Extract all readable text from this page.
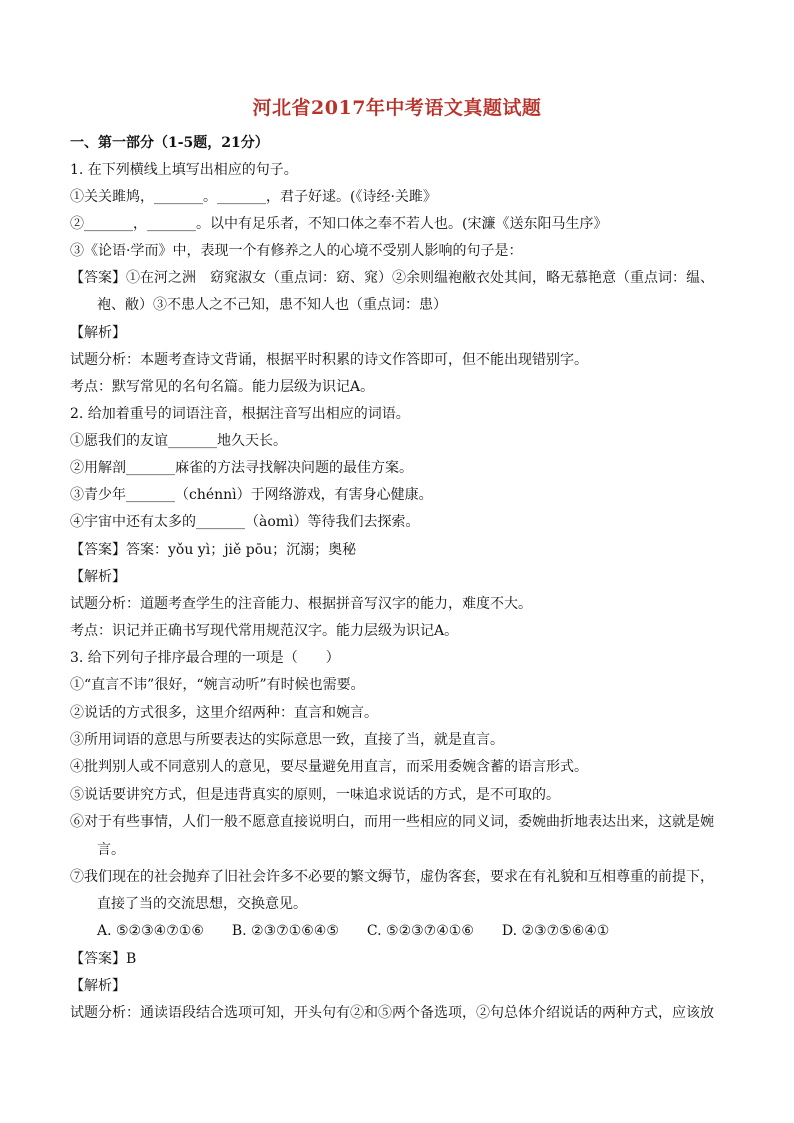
河北省2017年中考语文真题试题
一、第一部分（1-5题，21分）
1. 在下列横线上填写出相应的句子。
①关关雎鸠，_______。_______，君子好逑。(《诗经·关雎》
②_______，_______。以中有足乐者，不知口体之奉不若人也。(宋濂《送东阳马生序》
③《论语·学而》中，表现一个有修养之人的心境不受别人影响的句子是：
【答案】①在河之洲　窈窕淑女（重点词：窈、窕）②余则缊袍敝衣处其间，略无慕艳意（重点词：缊、
袍、敝）③不患人之不己知，患不知人也（重点词：患）
【解析】
试题分析：本题考查诗文背诵，根据平时积累的诗文作答即可，但不能出现错别字。
考点：默写常见的名句名篇。能力层级为识记A。
2. 给加着重号的词语注音，根据注音写出相应的词语。
①愿我们的友谊_______地久天长。
②用解剖_______麻雀的方法寻找解决问题的最佳方案。
③青少年_______（chénnì）于网络游戏，有害身心健康。
④宇宙中还有太多的_______（àomì）等待我们去探索。
【答案】答案：yǒu yì；jiě pōu；沉溺；奥秘
【解析】
试题分析：道题考查学生的注音能力、根据拼音写汉字的能力，难度不大。
考点：识记并正确书写现代常用规范汉字。能力层级为识记A。
3. 给下列句子排序最合理的一项是（　　）
①“直言不讳”很好，“婉言动听”有时候也需要。
②说话的方式很多，这里介绍两种：直言和婉言。
③所用词语的意思与所要表达的实际意思一致，直接了当，就是直言。
④批判别人或不同意别人的意见，要尽量避免用直言，而采用委婉含蓄的语言形式。
⑤说话要讲究方式，但是违背真实的原则，一味追求说话的方式，是不可取的。
⑥对于有些事情，人们一般不愿意直接说明白，而用一些相应的同义词，委婉曲折地表达出来，这就是婉
言。
⑦我们现在的社会抛弃了旧社会许多不必要的繁文缛节，虚伪客套，要求在有礼貌和互相尊重的前提下，
直接了当的交流思想，交换意见。
A. ⑤②③④⑦①⑥　　B. ②③⑦①⑥④⑤　　C. ⑤②③⑦④①⑥　　D. ②③⑦⑤⑥④①
【答案】B
【解析】
试题分析：通读语段结合选项可知，开头句有②和⑤两个备选项，②句总体介绍说话的两种方式，应该放
